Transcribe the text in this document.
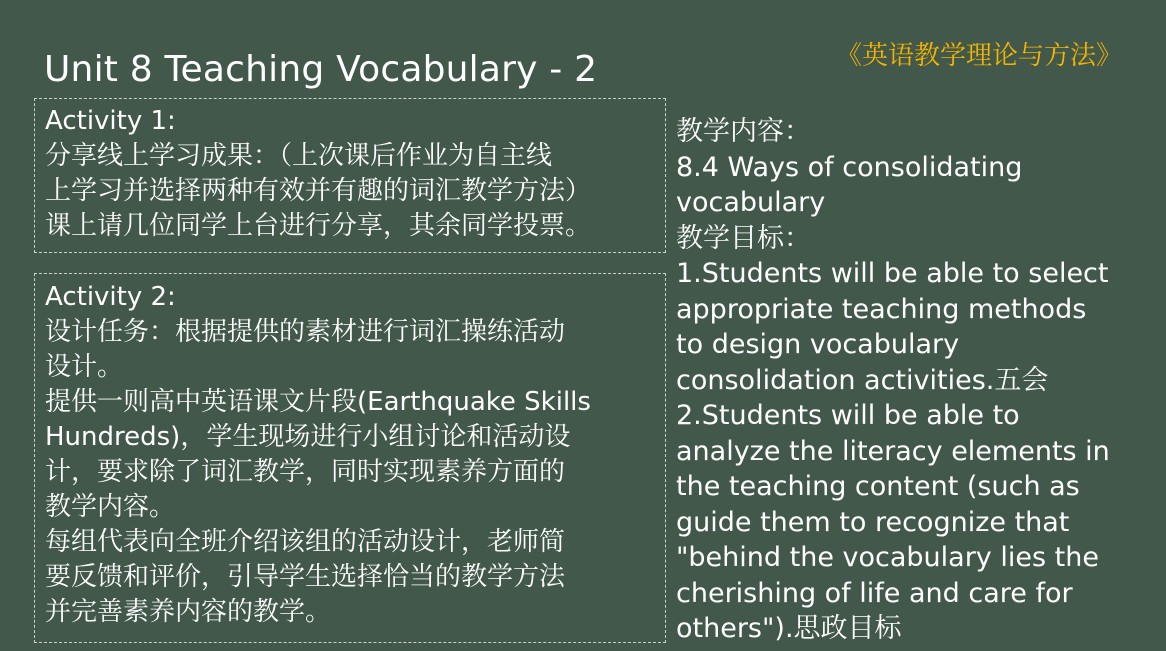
Unit 8 Teaching Vocabulary - 2	《英语教学理论与方法》
Activity 1:
分享线上学习成果：（上次课后作业为自主线
上学习并选择两种有效并有趣的词汇教学方法）
课上请几位同学上台进行分享，其余同学投票。
Activity 2:
设计任务：根据提供的素材进行词汇操练活动
设计。
提供一则高中英语课文片段(Earthquake Skills
Hundreds)，学生现场进行小组讨论和活动设
计，要求除了词汇教学，同时实现素养方面的
教学内容。
每组代表向全班介绍该组的活动设计，老师简
要反馈和评价，引导学生选择恰当的教学方法
并完善素养内容的教学。
教学内容：
8.4 Ways of consolidating
vocabulary
教学目标：
1.Students will be able to select
appropriate teaching methods
to design vocabulary
consolidation activities.五会
2.Students will be able to
analyze the literacy elements in
the teaching content (such as
guide them to recognize that
"behind the vocabulary lies the
cherishing of life and care for
others").思政目标
